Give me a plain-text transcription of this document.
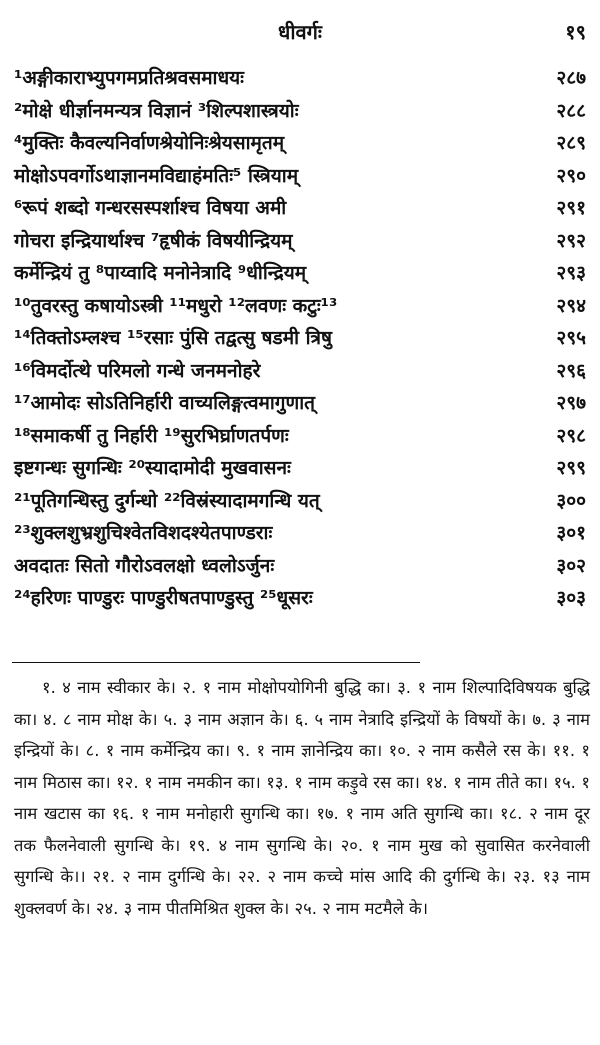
धीवर्गः	१९
¹अङ्गीकाराभ्युपगमप्रतिश्रवसमाधयः	२८७
²मोक्षे धीर्ज्ञानमन्यत्र विज्ञानं ³शिल्पशास्त्रयोः	२८८
⁴मुक्तिः कैवल्यनिर्वाणश्रेयोनिःश्रेयसामृतम्	२८९
मोक्षोऽपवर्गोऽथाज्ञानमविद्याहंमतिः⁵ स्त्रियाम्	२९०
⁶रूपं शब्दो गन्धरसस्पर्शाश्च विषया अमी	२९१
गोचरा इन्द्रियार्थाश्च ⁷हृषीकं विषयीन्द्रियम्	२९२
कर्मेन्द्रियं तु ⁸पाय्वादि मनोनेत्रादि ⁹धीन्द्रियम्	२९३
¹⁰तुवरस्तु कषायोऽस्त्री ¹¹मधुरो ¹²लवणः कटुः¹³	२९४
¹⁴तिक्तोऽम्लश्च ¹⁵रसाः पुंसि तद्वत्सु षडमी त्रिषु	२९५
¹⁶विमर्दोत्थे परिमलो गन्धे जनमनोहरे	२९६
¹⁷आमोदः सोऽतिनिर्हारी वाच्यलिङ्गत्वमागुणात्	२९७
¹⁸समाकर्षी तु निर्हारी ¹⁹सुरभिर्घ्राणतर्पणः	२९८
इष्टगन्धः सुगन्धिः ²⁰स्यादामोदी मुखवासनः	२९९
²¹पूतिगन्धिस्तु दुर्गन्धो ²²विस्रंस्यादामगन्धि यत्	३००
²³शुक्लशुभ्रशुचिश्वेतविशदश्येतपाण्डराः	३०१
अवदातः सितो गौरोऽवलक्षो ध्वलोऽर्जुनः	३०२
²⁴हरिणः पाण्डुरः पाण्डुरीषतपाण्डुस्तु ²⁵धूसरः	३०३
१. ४ नाम स्वीकार के। २. १ नाम मोक्षोपयोगिनी बुद्धि का। ३. १ नाम शिल्पादिविषयक बुद्धि का। ४. ८ नाम मोक्ष के। ५. ३ नाम अज्ञान के। ६. ५ नाम नेत्रादि इन्द्रियों के विषयों के। ७. ३ नाम इन्द्रियों के। ८. १ नाम कर्मेन्द्रिय का। ९. १ नाम ज्ञानेन्द्रिय का। १०. २ नाम कसैले रस के। ११. १ नाम मिठास का। १२. १ नाम नमकीन का। १३. १ नाम कड़ुवे रस का। १४. १ नाम तीते का। १५. १ नाम खटास का १६. १ नाम मनोहारी सुगन्धि का। १७. १ नाम अति सुगन्धि का। १८. २ नाम दूर तक फैलनेवाली सुगन्धि के। १९. ४ नाम सुगन्धि के। २०. १ नाम मुख को सुवासित करनेवाली सुगन्धि के।। २१. २ नाम दुर्गन्धि के। २२. २ नाम कच्चे मांस आदि की दुर्गन्धि के। २३. १३ नाम शुक्लवर्ण के। २४. ३ नाम पीतमिश्रित शुक्ल के। २५. २ नाम मटमैले के।
